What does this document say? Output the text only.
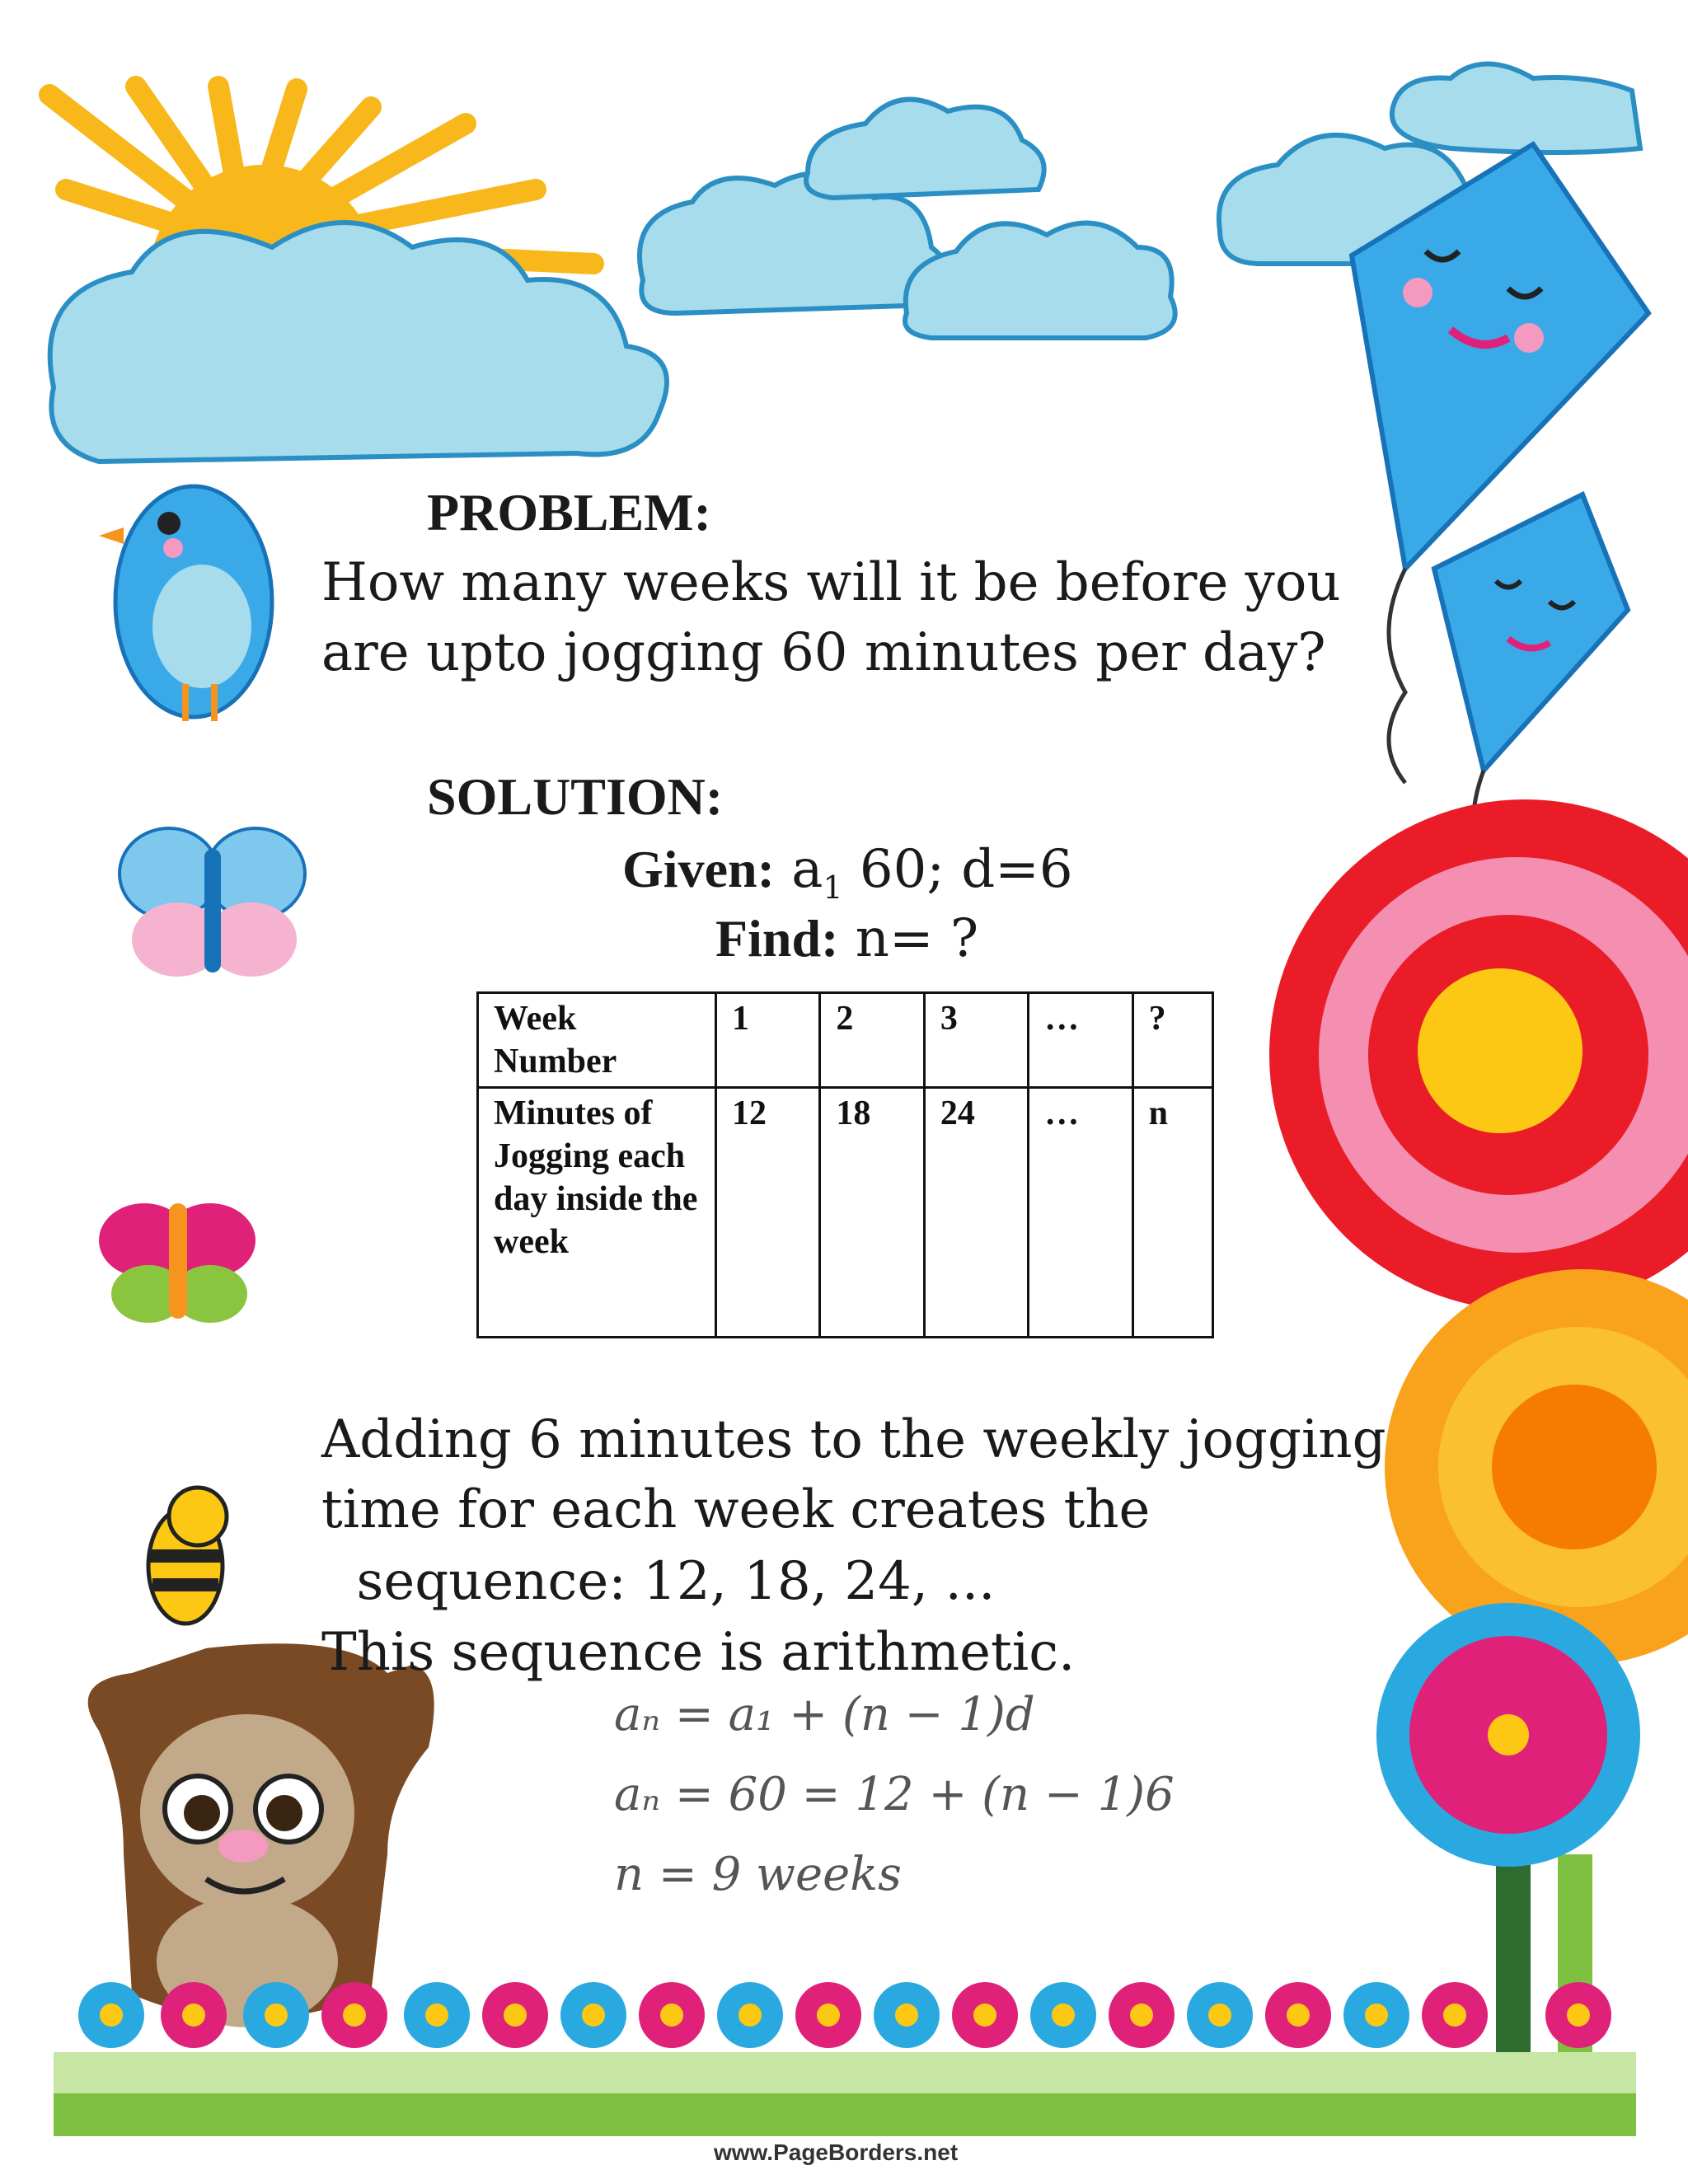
PROBLEM:
How many weeks will it be before you
are upto jogging 60 minutes per day?
SOLUTION:
Given: $a_1$ 60; d=6
Find: n= ?
Week Number	1	2	3	…	?
Minutes of Jogging each day inside the week	12	18	24	…	n
Adding 6 minutes to the weekly jogging
time for each week creates the
sequence: 12, 18, 24, ...
This sequence is arithmetic.
aₙ = a₁ + (n − 1)d
aₙ = 60 = 12 + (n − 1)6
n = 9 weeks
www.PageBorders.net
